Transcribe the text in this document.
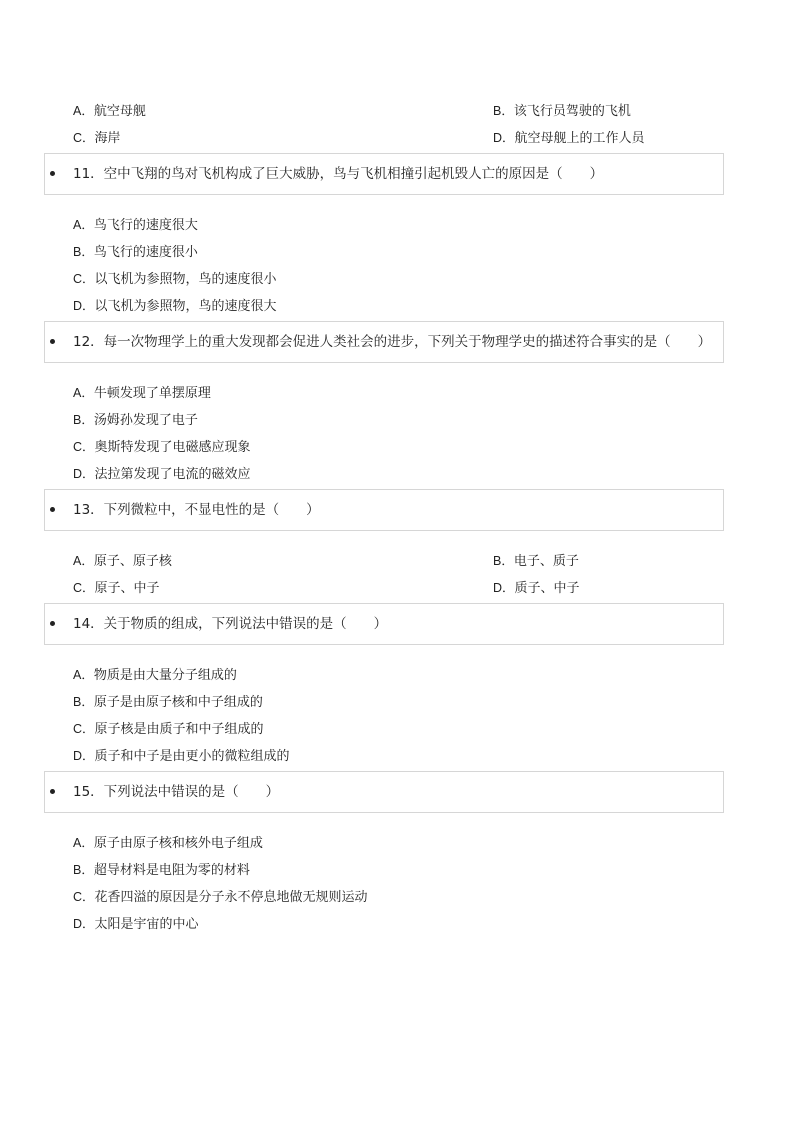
A．航空母舰	B．该飞行员驾驶的飞机
C．海岸	D．航空母舰上的工作人员
11．空中飞翔的鸟对飞机构成了巨大威胁，鸟与飞机相撞引起机毁人亡的原因是（　　）
A．鸟飞行的速度很大
B．鸟飞行的速度很小
C．以飞机为参照物，鸟的速度很小
D．以飞机为参照物，鸟的速度很大
12．每一次物理学上的重大发现都会促进人类社会的进步，下列关于物理学史的描述符合事实的是（　　）
A．牛顿发现了单摆原理
B．汤姆孙发现了电子
C．奥斯特发现了电磁感应现象
D．法拉第发现了电流的磁效应
13．下列微粒中，不显电性的是（　　）
A．原子、原子核	B．电子、质子
C．原子、中子	D．质子、中子
14．关于物质的组成，下列说法中错误的是（　　）
A．物质是由大量分子组成的
B．原子是由原子核和中子组成的
C．原子核是由质子和中子组成的
D．质子和中子是由更小的微粒组成的
15．下列说法中错误的是（　　）
A．原子由原子核和核外电子组成
B．超导材料是电阻为零的材料
C．花香四溢的原因是分子永不停息地做无规则运动
D．太阳是宇宙的中心
